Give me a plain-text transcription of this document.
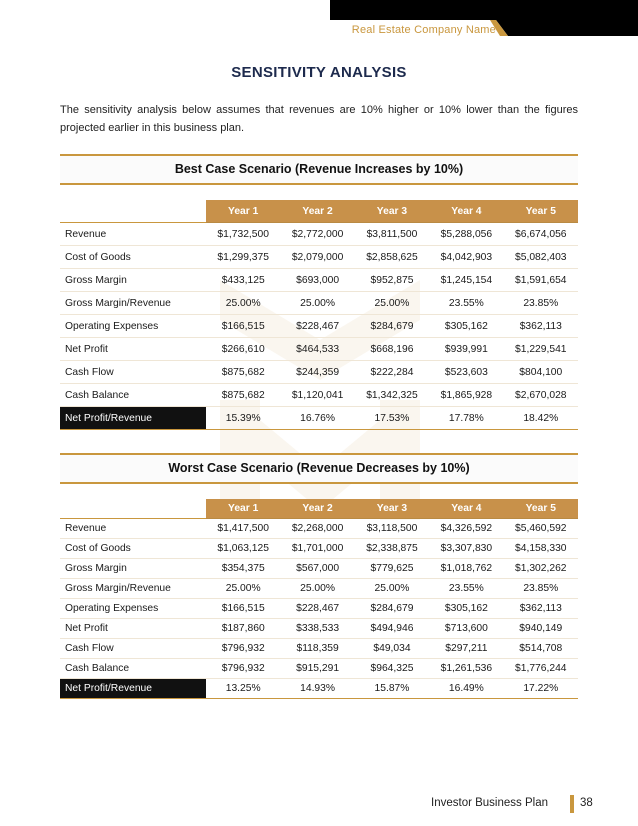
Real Estate Company Name
SENSITIVITY ANALYSIS
The sensitivity analysis below assumes that revenues are 10% higher or 10% lower than the figures projected earlier in this business plan.
Best Case Scenario (Revenue Increases by 10%)
	Year 1	Year 2	Year 3	Year 4	Year 5
Revenue	$1,732,500	$2,772,000	$3,811,500	$5,288,056	$6,674,056
Cost of Goods	$1,299,375	$2,079,000	$2,858,625	$4,042,903	$5,082,403
Gross Margin	$433,125	$693,000	$952,875	$1,245,154	$1,591,654
Gross Margin/Revenue	25.00%	25.00%	25.00%	23.55%	23.85%
Operating Expenses	$166,515	$228,467	$284,679	$305,162	$362,113
Net Profit	$266,610	$464,533	$668,196	$939,991	$1,229,541
Cash Flow	$875,682	$244,359	$222,284	$523,603	$804,100
Cash Balance	$875,682	$1,120,041	$1,342,325	$1,865,928	$2,670,028
Net Profit/Revenue	15.39%	16.76%	17.53%	17.78%	18.42%
Worst Case Scenario (Revenue Decreases by 10%)
	Year 1	Year 2	Year 3	Year 4	Year 5
Revenue	$1,417,500	$2,268,000	$3,118,500	$4,326,592	$5,460,592
Cost of Goods	$1,063,125	$1,701,000	$2,338,875	$3,307,830	$4,158,330
Gross Margin	$354,375	$567,000	$779,625	$1,018,762	$1,302,262
Gross Margin/Revenue	25.00%	25.00%	25.00%	23.55%	23.85%
Operating Expenses	$166,515	$228,467	$284,679	$305,162	$362,113
Net Profit	$187,860	$338,533	$494,946	$713,600	$940,149
Cash Flow	$796,932	$118,359	$49,034	$297,211	$514,708
Cash Balance	$796,932	$915,291	$964,325	$1,261,536	$1,776,244
Net Profit/Revenue	13.25%	14.93%	15.87%	16.49%	17.22%
Investor Business Plan	38
